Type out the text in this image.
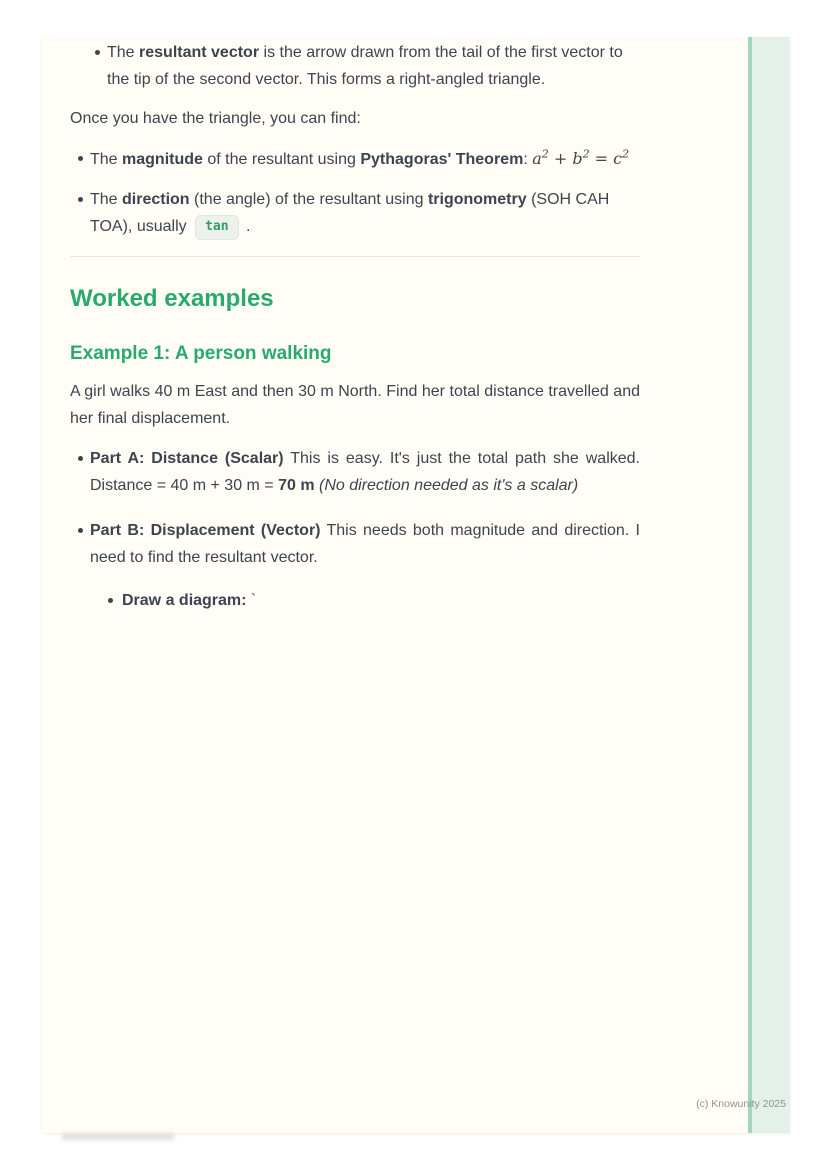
The resultant vector is the arrow drawn from the tail of the first vector to the tip of the second vector. This forms a right-angled triangle.

Once you have the triangle, you can find:

The magnitude of the resultant using Pythagoras' Theorem: $a^2 + b^2 = c^2$
The direction (the angle) of the resultant using trigonometry (SOH CAH TOA), usually tan .
Worked examples
Example 1: A person walking

A girl walks 40 m East and then 30 m North. Find her total distance travelled and her final displacement.

Part A: Distance (Scalar) This is easy. It's just the total path she walked. Distance = 40 m + 30 m = 70 m (No direction needed as it's a scalar)
Part B: Displacement (Vector) This needs both magnitude and direction. I need to find the resultant vector.
Draw a diagram: `
(c) Knowunity 2025
